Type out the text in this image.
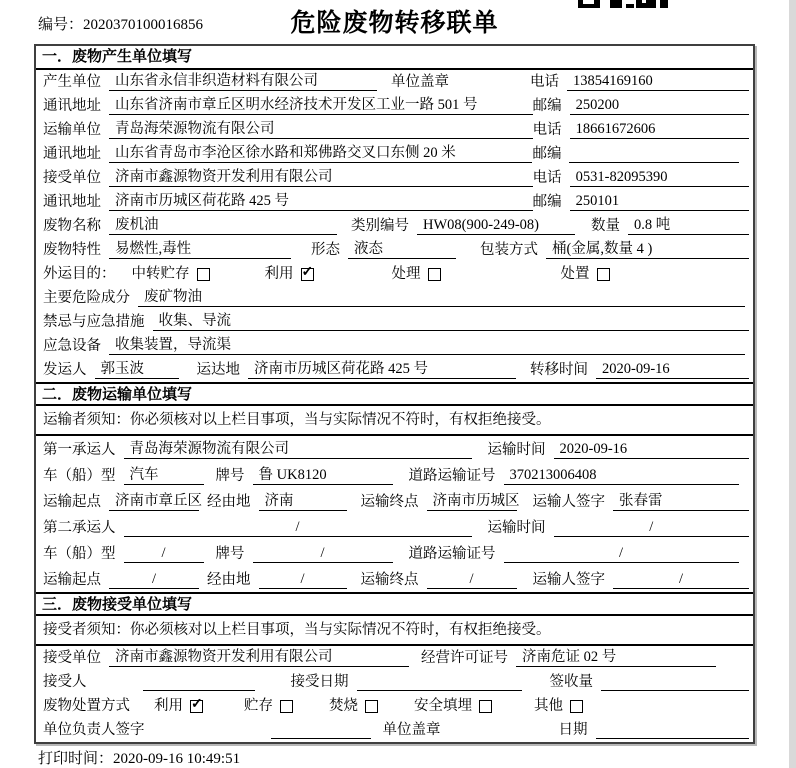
编号：2020370100016856	危险废物转移联单
一．废物产生单位填写
产生单位 山东省永信非织造材料有限公司	单位盖章	电话 13854169160
通讯地址 山东省济南市章丘区明水经济技术开发区工业一路 501 号	邮编 250200
运输单位 青岛海荣源物流有限公司	电话 18661672606
通讯地址 山东省青岛市李沧区徐水路和郑佛路交叉口东侧 20 米	邮编
接受单位 济南市鑫源物资开发利用有限公司	电话 0531-82095390
通讯地址 济南市历城区荷花路 425 号	邮编 250101
废物名称 废机油	类别编号 HW08(900-249-08)	数量 0.8 吨
废物特性 易燃性,毒性	形态 液态	包装方式 桶(金属,数量 4 )
外运目的： 中转贮存	利用 ✓	处理	处置
主要危险成分 废矿物油
禁忌与应急措施 收集、导流
应急设备 收集装置，导流渠
发运人 郭玉波	运达地 济南市历城区荷花路 425 号	转移时间 2020-09-16
二．废物运输单位填写
运输者须知：你必须核对以上栏目事项，当与实际情况不符时，有权拒绝接受。
第一承运人 青岛海荣源物流有限公司	运输时间 2020-09-16
车（船）型 汽车	牌号 鲁 UK8120	道路运输证号 370213006408
运输起点 济南市章丘区 经由地 济南	运输终点 济南市历城区 运输人签字 张春雷
第二承运人	/	运输时间	/
车（船）型	/	牌号	/	道路运输证号	/
运输起点	/	经由地	/	运输终点	/	运输人签字	/
三．废物接受单位填写
接受者须知：你必须核对以上栏目事项，当与实际情况不符时，有权拒绝接受。
接受单位 济南市鑫源物资开发利用有限公司	经营许可证号 济南危证 02 号
接受人	接受日期	签收量
废物处置方式 利用 ✓	贮存	焚烧	安全填埋	其他
单位负责人签字	单位盖章	日期
打印时间：2020-09-16 10:49:51
